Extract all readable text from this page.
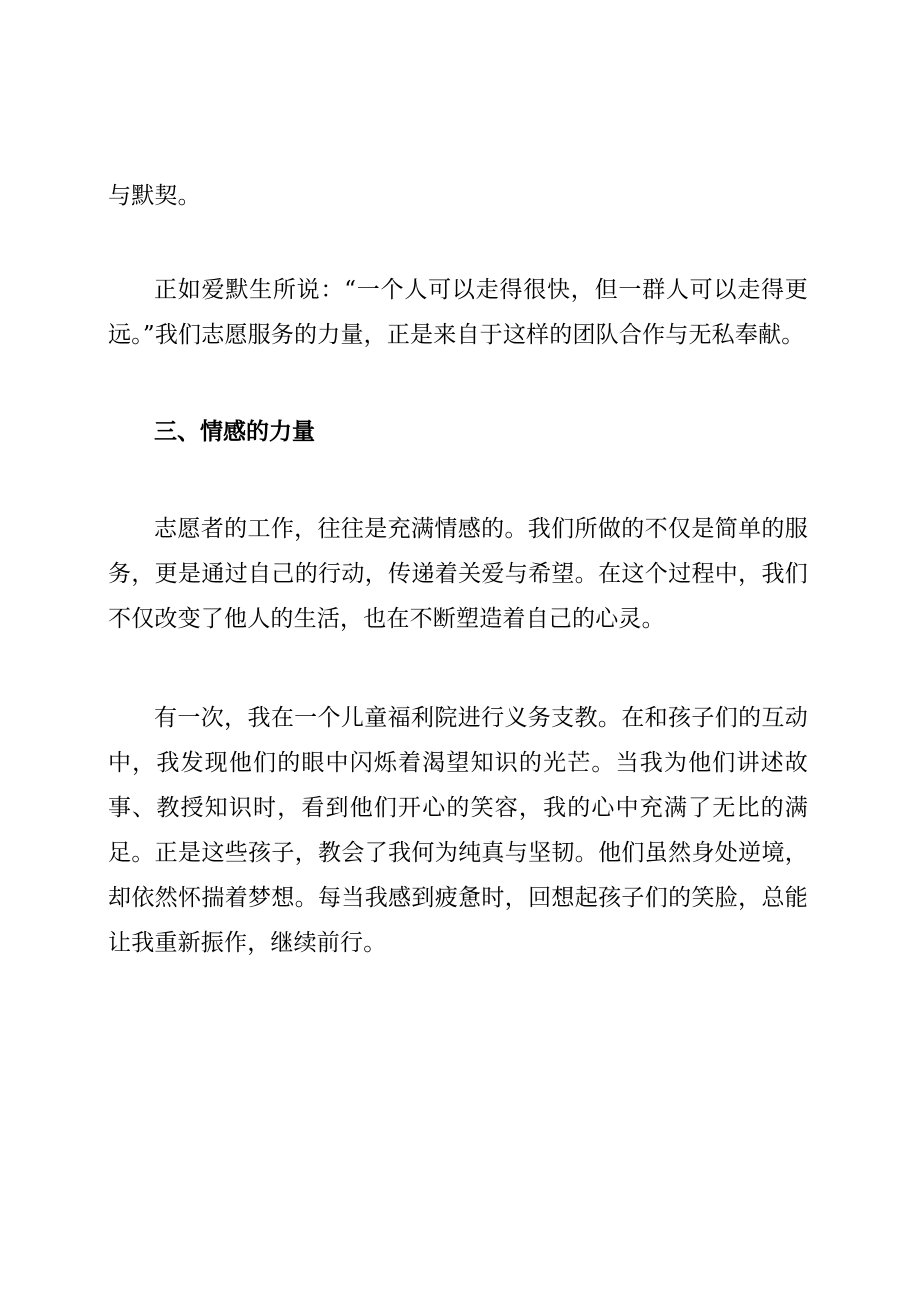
与默契。

正如爱默生所说：“一个人可以走得很快，但一群人可以走得更远。”我们志愿服务的力量，正是来自于这样的团队合作与无私奉献。

三、情感的力量

志愿者的工作，往往是充满情感的。我们所做的不仅是简单的服务，更是通过自己的行动，传递着关爱与希望。在这个过程中，我们不仅改变了他人的生活，也在不断塑造着自己的心灵。

有一次，我在一个儿童福利院进行义务支教。在和孩子们的互动中，我发现他们的眼中闪烁着渴望知识的光芒。当我为他们讲述故事、教授知识时，看到他们开心的笑容，我的心中充满了无比的满足。正是这些孩子，教会了我何为纯真与坚韧。他们虽然身处逆境，却依然怀揣着梦想。每当我感到疲惫时，回想起孩子们的笑脸，总能让我重新振作，继续前行。
